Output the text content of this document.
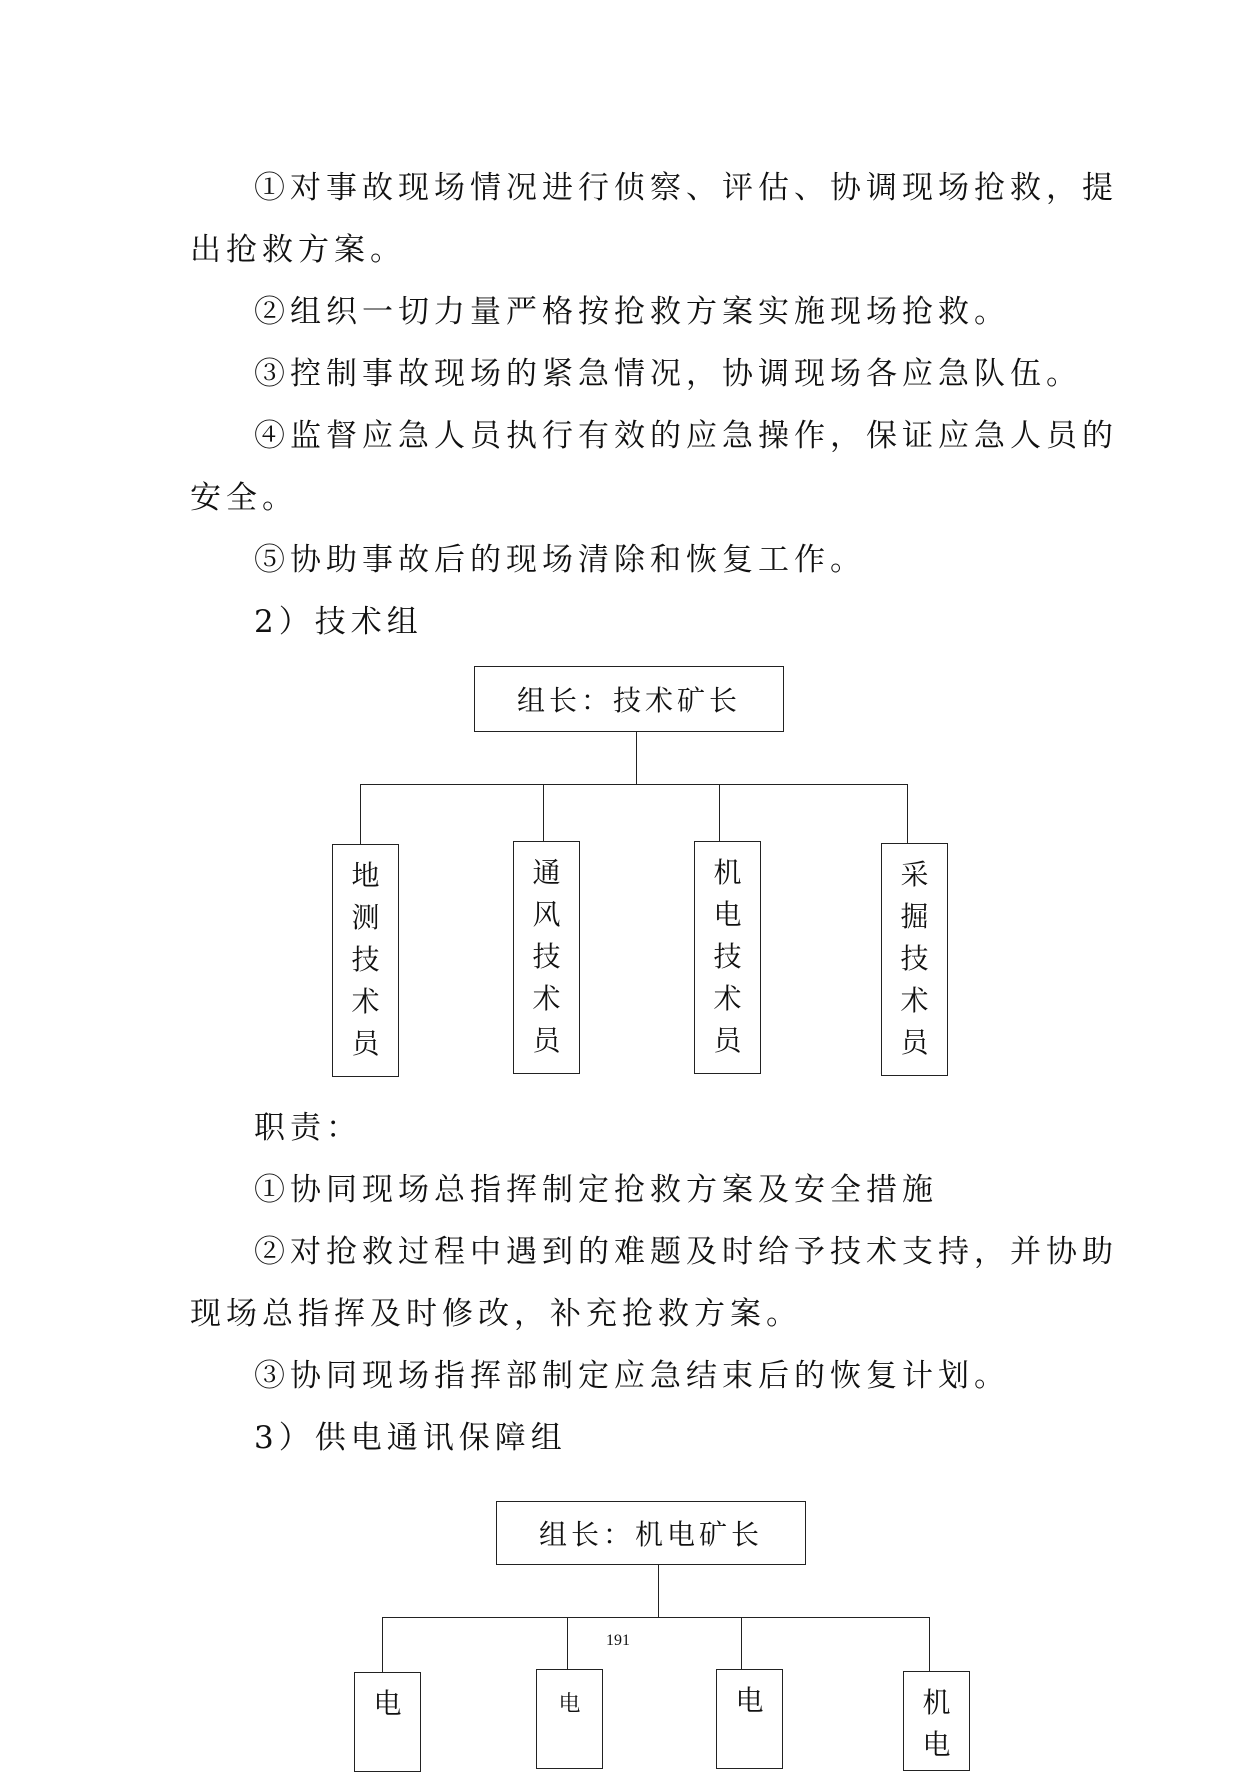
①对事故现场情况进行侦察、评估、协调现场抢救，提
出抢救方案。
②组织一切力量严格按抢救方案实施现场抢救。
③控制事故现场的紧急情况，协调现场各应急队伍。
④监督应急人员执行有效的应急操作，保证应急人员的
安全。
⑤协助事故后的现场清除和恢复工作。
2）技术组
组长：技术矿长
地
测
技
术
员
通
风
技
术
员
机
电
技
术
员
采
掘
技
术
员
职责：
①协同现场总指挥制定抢救方案及安全措施
②对抢救过程中遇到的难题及时给予技术支持，并协助
现场总指挥及时修改，补充抢救方案。
③协同现场指挥部制定应急结束后的恢复计划。
3）供电通讯保障组
组长：机电矿长
191
电	电	电	机
电
